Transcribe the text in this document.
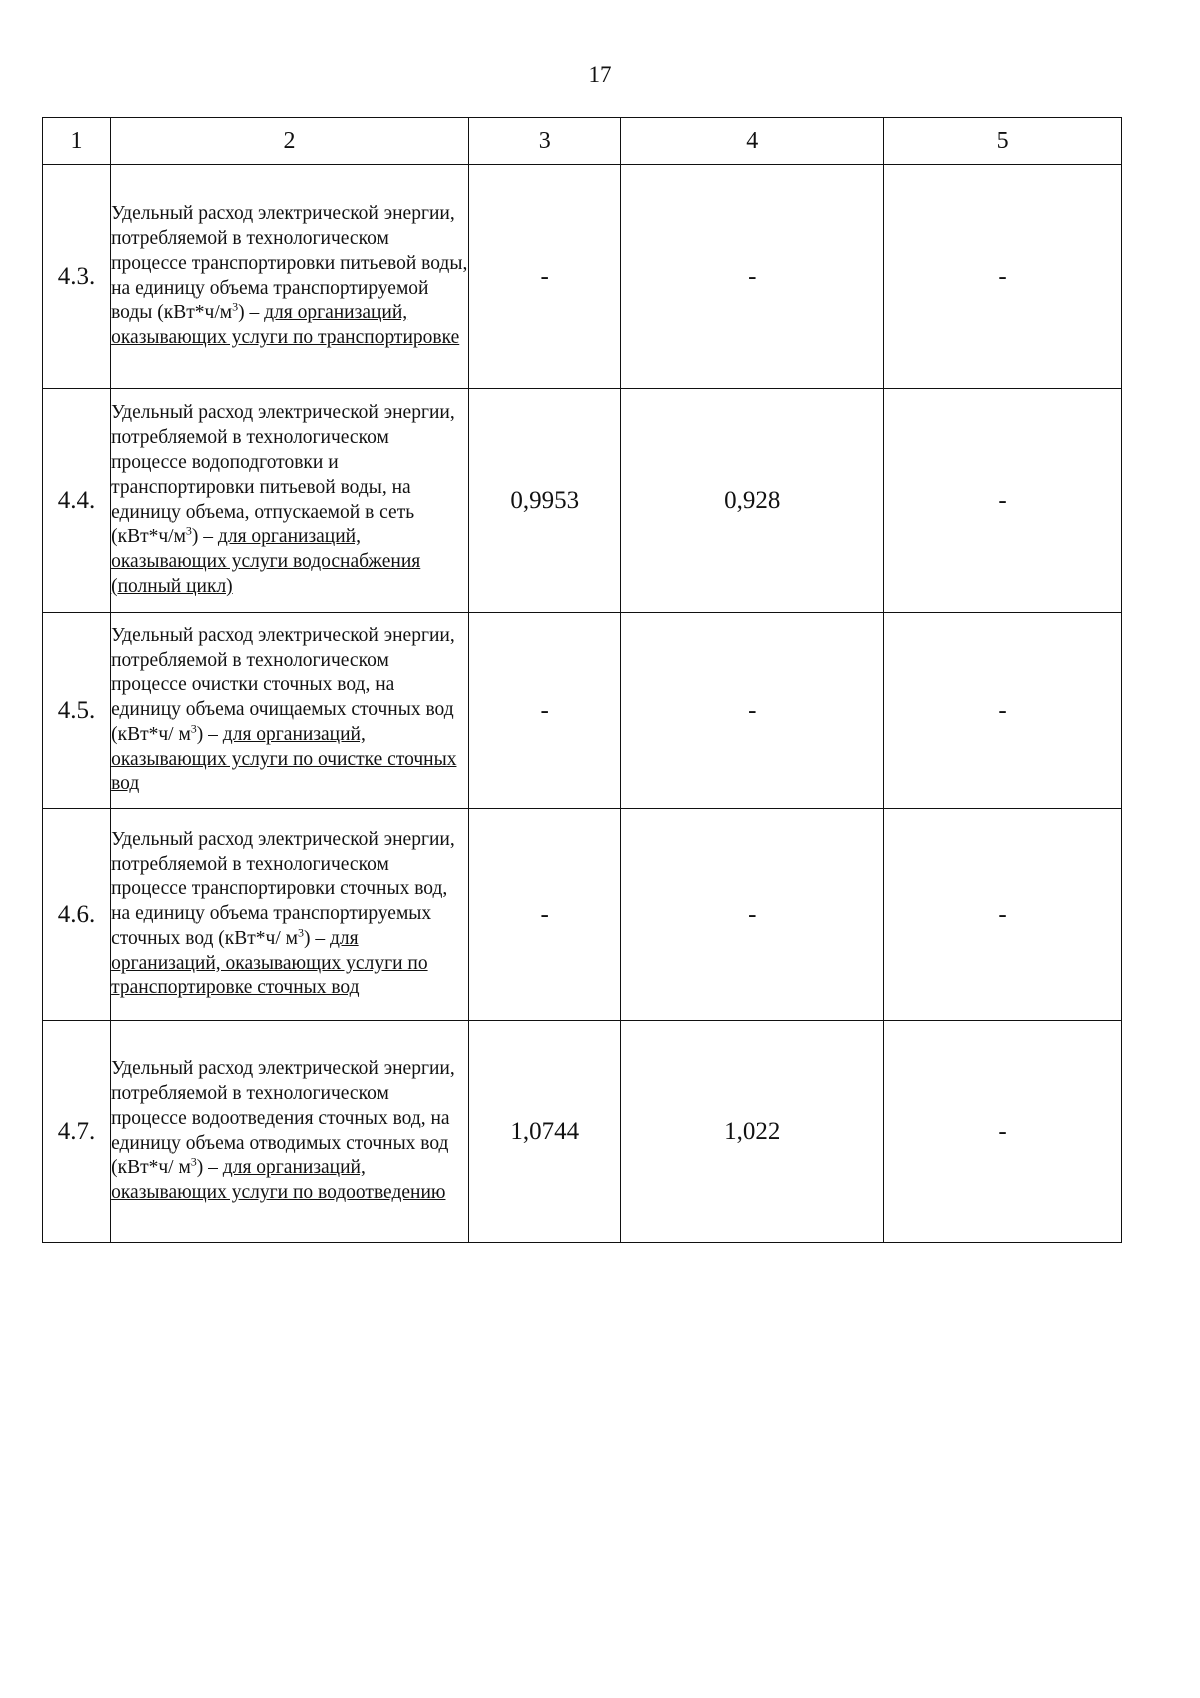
17
1	2	3	4	5
4.3.	Удельный расход электрической энергии, потребляемой в технологическом процессе транспортировки питьевой воды, на единицу объема транспортируемой воды $(кВт*ч/м^3)$ – для организаций, оказывающих услуги по транспортировке	-	-	-
4.4.	Удельный расход электрической энергии, потребляемой в технологическом процессе водоподготовки и транспортировки питьевой воды, на единицу объема, отпускаемой в сеть $(кВт*ч/м^3)$ – для организаций, оказывающих услуги водоснабжения (полный цикл)	0,9953	0,928	-
4.5.	Удельный расход электрической энергии, потребляемой в технологическом процессе очистки сточных вод, на единицу объема очищаемых сточных вод (кВт*ч/ $м^3$) – для организаций, оказывающих услуги по очистке сточных вод	-	-	-
4.6.	Удельный расход электрической энергии, потребляемой в технологическом процессе транспортировки сточных вод, на единицу объема транспортируемых сточных вод (кВт*ч/ $м^3$) – для организаций, оказывающих услуги по транспортировке сточных вод	-	-	-
4.7.	Удельный расход электрической энергии, потребляемой в технологическом процессе водоотведения сточных вод, на единицу объема отводимых сточных вод (кВт*ч/ $м^3$) – для организаций, оказывающих услуги по водоотведению	1,0744	1,022	-
